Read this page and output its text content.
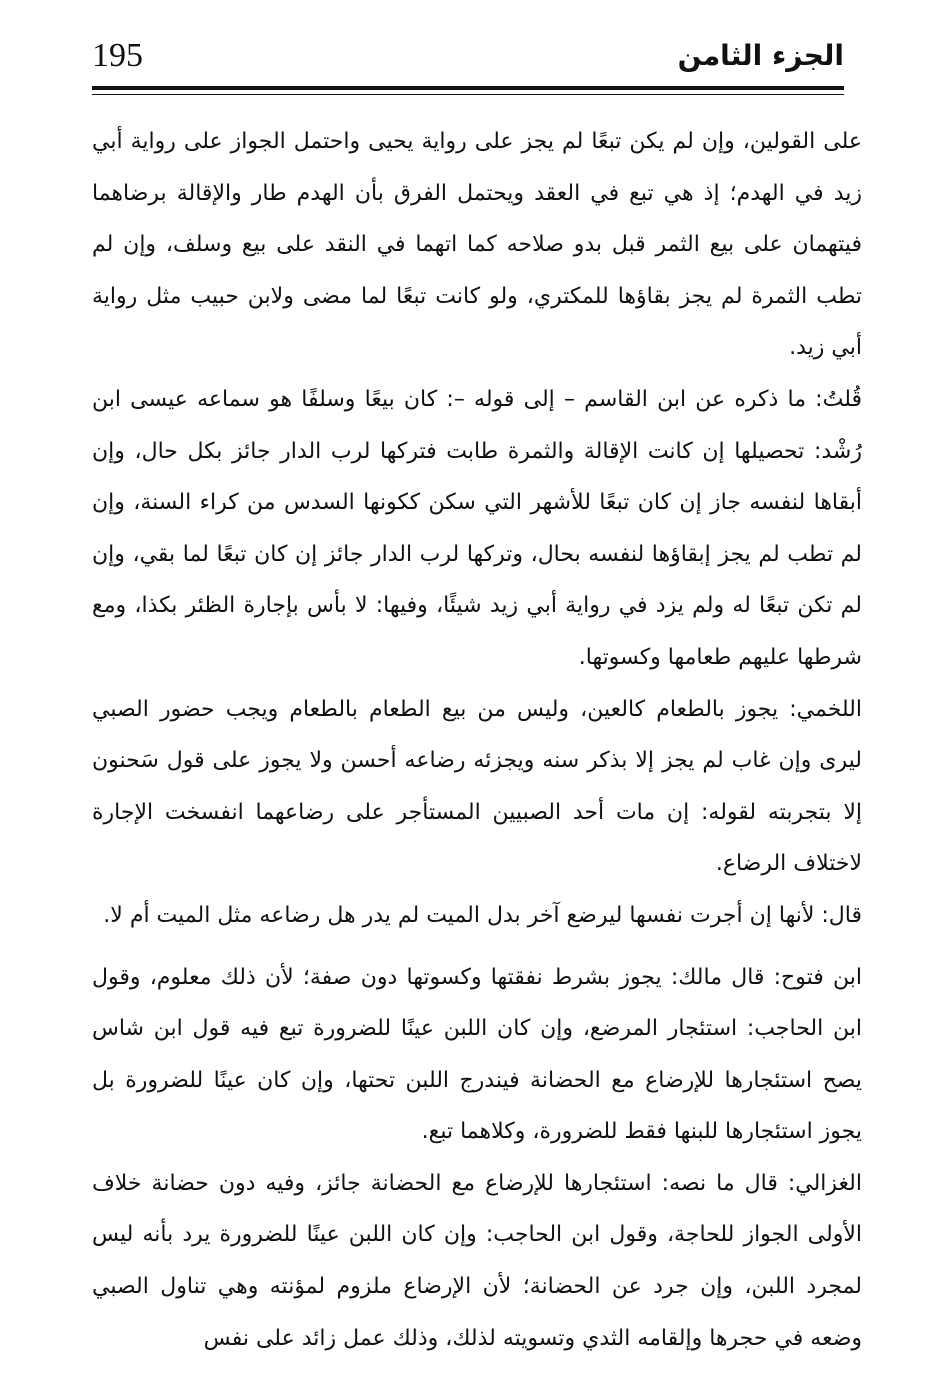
الجزء الثامن
195

على القولين، وإن لم يكن تبعًا لم يجز على رواية يحيى واحتمل الجواز على رواية أبي زيد في الهدم؛ إذ هي تبع في العقد ويحتمل الفرق بأن الهدم طار والإقالة برضاهما فيتهمان على بيع الثمر قبل بدو صلاحه كما اتهما في النقد على بيع وسلف، وإن لم تطب الثمرة لم يجز بقاؤها للمكتري، ولو كانت تبعًا لما مضى ولابن حبيب مثل رواية أبي زيد.

قُلتُ: ما ذكره عن ابن القاسم – إلى قوله –: كان بيعًا وسلفًا هو سماعه عيسى ابن رُشْد: تحصيلها إن كانت الإقالة والثمرة طابت فتركها لرب الدار جائز بكل حال، وإن أبقاها لنفسه جاز إن كان تبعًا للأشهر التي سكن ككونها السدس من كراء السنة، وإن لم تطب لم يجز إبقاؤها لنفسه بحال، وتركها لرب الدار جائز إن كان تبعًا لما بقي، وإن لم تكن تبعًا له ولم يزد في رواية أبي زيد شيئًا، وفيها: لا بأس بإجارة الظئر بكذا، ومع شرطها عليهم طعامها وكسوتها.

اللخمي: يجوز بالطعام كالعين، وليس من بيع الطعام بالطعام ويجب حضور الصبي ليرى وإن غاب لم يجز إلا بذكر سنه ويجزئه رضاعه أحسن ولا يجوز على قول سَحنون إلا بتجربته لقوله: إن مات أحد الصبيين المستأجر على رضاعهما انفسخت الإجارة لاختلاف الرضاع.

قال: لأنها إن أجرت نفسها ليرضع آخر بدل الميت لم يدر هل رضاعه مثل الميت أم لا.

ابن فتوح: قال مالك: يجوز بشرط نفقتها وكسوتها دون صفة؛ لأن ذلك معلوم، وقول ابن الحاجب: استئجار المرضع، وإن كان اللبن عينًا للضرورة تبع فيه قول ابن شاس يصح استئجارها للإرضاع مع الحضانة فيندرج اللبن تحتها، وإن كان عينًا للضرورة بل يجوز استئجارها للبنها فقط للضرورة، وكلاهما تبع.

الغزالي: قال ما نصه: استئجارها للإرضاع مع الحضانة جائز، وفيه دون حضانة خلاف الأولى الجواز للحاجة، وقول ابن الحاجب: وإن كان اللبن عينًا للضرورة يرد بأنه ليس لمجرد اللبن، وإن جرد عن الحضانة؛ لأن الإرضاع ملزوم لمؤنته وهي تناول الصبي وضعه في حجرها وإلقامه الثدي وتسويته لذلك، وذلك عمل زائد على نفس
